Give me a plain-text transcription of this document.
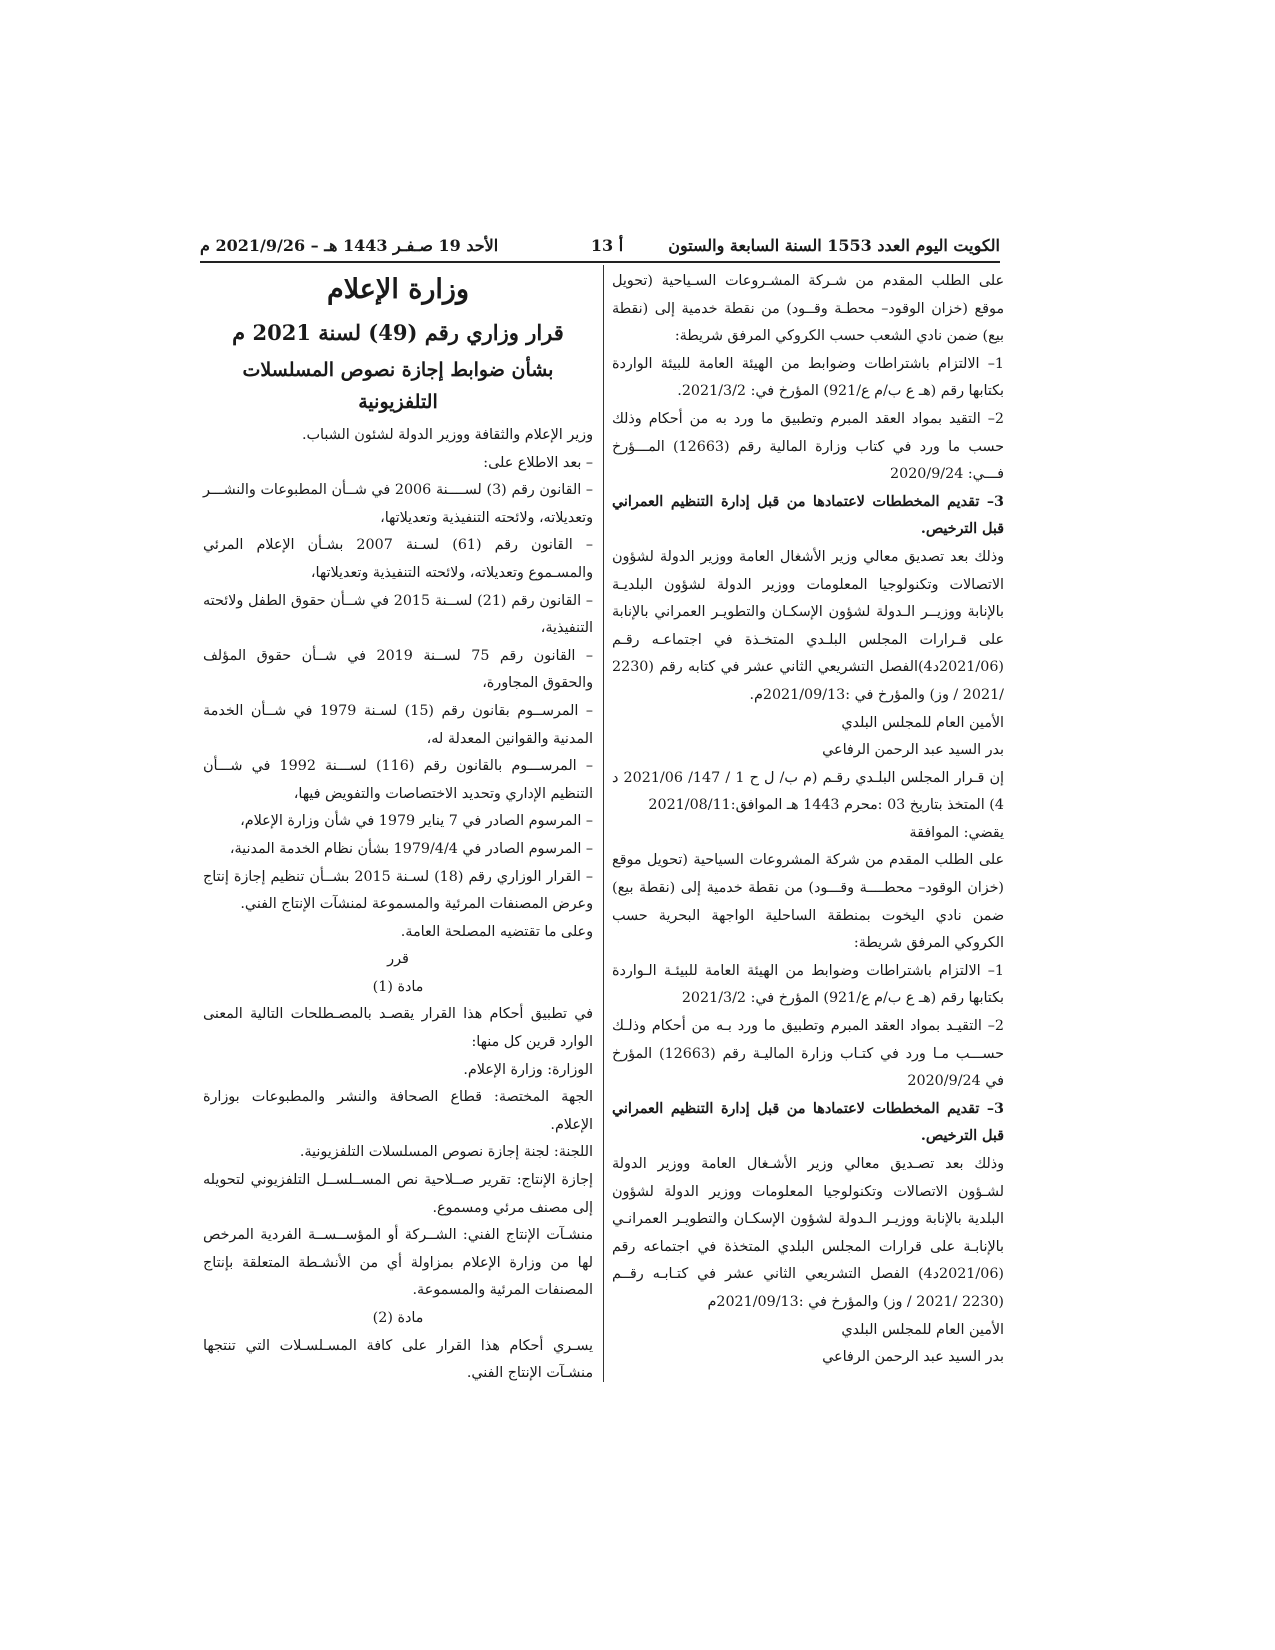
الكويت اليوم العدد 1553 السنة السابعة والستون
أ 13
الأحد 19 صـفـر 1443 هـ – 2021/9/26 م

على الطلب المقدم من شـركة المشـروعات السـياحية (تحويل موقع (خزان الوقود– محطـة وقــود) من نقطة خدمية إلى (نقطة بيع) ضمن نادي الشعب حسب الكروكي المرفق شريطة:

1– الالتزام باشتراطات وضوابط من الهيئة العامة للبيئة الواردة بكتابها رقم (هـ ع ب/م ع/921) المؤرخ في: 2021/3/2.

2– التقيد بمواد العقد المبرم وتطبيق ما ورد به من أحكام وذلك حسب ما ورد في كتاب وزارة المالية رقم (12663) المـــؤرخ فـــي: 2020/9/24

3– تقديم المخططات لاعتمادها من قبل إدارة التنظيم العمراني قبل الترخيص.

وذلك بعد تصديق معالي وزير الأشغال العامة ووزير الدولة لشؤون الاتصالات وتكنولوجيا المعلومات ووزير الدولة لشؤون البلديـة بالإنابة ووزيــر الـدولة لشؤون الإسكـان والتطويـر العمراني بالإنابة على قـرارات المجلس البلـدي المتخـذة في اجتماعـه رقـم (2021/06د4)الفصل التشريعي الثاني عشر في كتابه رقم (2230 /2021 / وز) والمؤرخ في :2021/09/13م.

الأمين العام للمجلس البلدي

بدر السيد عبد الرحمن الرفاعي

إن قـرار المجلس البلـدي رقـم (م ب/ ل ح 1 / 147/ 2021/06 د 4) المتخذ بتاريخ 03 :محرم 1443 هـ الموافق:2021/08/11

يقضي: الموافقة

على الطلب المقدم من شركة المشروعات السياحية (تحويل موقع (خزان الوقود– محطــــة وقـــود) من نقطة خدمية إلى (نقطة بيع) ضمن نادي اليخوت بمنطقة الساحلية الواجهة البحرية حسب الكروكي المرفق شريطة:

1– الالتزام باشتراطات وضوابط من الهيئة العامة للبيئـة الـواردة بكتابها رقم (هـ ع ب/م ع/921) المؤرخ في: 2021/3/2

2– التقيـد بمواد العقد المبرم وتطبيق ما ورد بـه من أحكام وذلـك حســـب مـا ورد في كتـاب وزارة الماليـة رقم (12663) المؤرخ في 2020/9/24

3– تقديم المخططات لاعتمادها من قبل إدارة التنظيم العمراني قبل الترخيص.

وذلك بعد تصـديق معالي وزير الأشـغال العامة ووزير الدولة لشـؤون الاتصالات وتكنولوجيا المعلومات ووزير الدولة لشؤون البلدية بالإنابة ووزيـر الـدولة لشؤون الإسكـان والتطويـر العمرانـي بالإنابـة على قرارات المجلس البلدي المتخذة في اجتماعه رقم (2021/06د4) الفصل التشريعي الثاني عشر في كتـابـه رقــم (2230 /2021 / وز) والمؤرخ في :2021/09/13م

الأمين العام للمجلس البلدي

بدر السيد عبد الرحمن الرفاعي

وزارة الإعلام

قرار وزاري رقم (49) لسنة 2021 م

بشأن ضوابط إجازة نصوص المسلسلات التلفزيونية

وزير الإعلام والثقافة ووزير الدولة لشئون الشباب.

– بعد الاطلاع على:

– القانون رقم (3) لســــنة 2006 في شــأن المطبوعات والنشـــر وتعديلاته، ولائحته التنفيذية وتعديلاتها،

– القانون رقم (61) لسـنة 2007 بشـأن الإعلام المرئي والمسـموع وتعديلاته، ولائحته التنفيذية وتعديلاتها،

– القانون رقم (21) لســنة 2015 في شــأن حقوق الطفل ولائحته التنفيذية،

– القانون رقم 75 لســنة 2019 في شــأن حقوق المؤلف والحقوق المجاورة،

– المرســوم بقانون رقم (15) لسـنة 1979 في شــأن الخدمة المدنية والقوانين المعدلة له،

– المرســـوم بالقانون رقم (116) لســـنة 1992 في شـــأن التنظيم الإداري وتحديد الاختصاصات والتفويض فيها،

– المرسوم الصادر في 7 يناير 1979 في شأن وزارة الإعلام،

– المرسوم الصادر في 1979/4/4 بشأن نظام الخدمة المدنية،

– القرار الوزاري رقم (18) لسـنة 2015 بشــأن تنظيم إجازة إنتاج وعرض المصنفات المرئية والمسموعة لمنشآت الإنتاج الفني.

وعلى ما تقتضيه المصلحة العامة.

قرر

مادة (1)

في تطبيق أحكام هذا القرار يقصـد بالمصـطلحات التالية المعنى الوارد قرين كل منها:

الوزارة: وزارة الإعلام.

الجهة المختصة: قطاع الصحافة والنشر والمطبوعات بوزارة الإعلام.

اللجنة: لجنة إجازة نصوص المسلسلات التلفزيونية.

إجازة الإنتاج: تقرير صــلاحية نص المســلســل التلفزيوني لتحويله إلى مصنف مرئي ومسموع.

منشـآت الإنتاج الفني: الشــركة أو المؤســســة الفردية المرخص لها من وزارة الإعلام بمزاولة أي من الأنشـطة المتعلقة بإنتاج المصنفات المرئية والمسموعة.

مادة (2)

يسـري أحكام هذا القرار على كافة المسـلسـلات التي تنتجها منشـآت الإنتاج الفني.
